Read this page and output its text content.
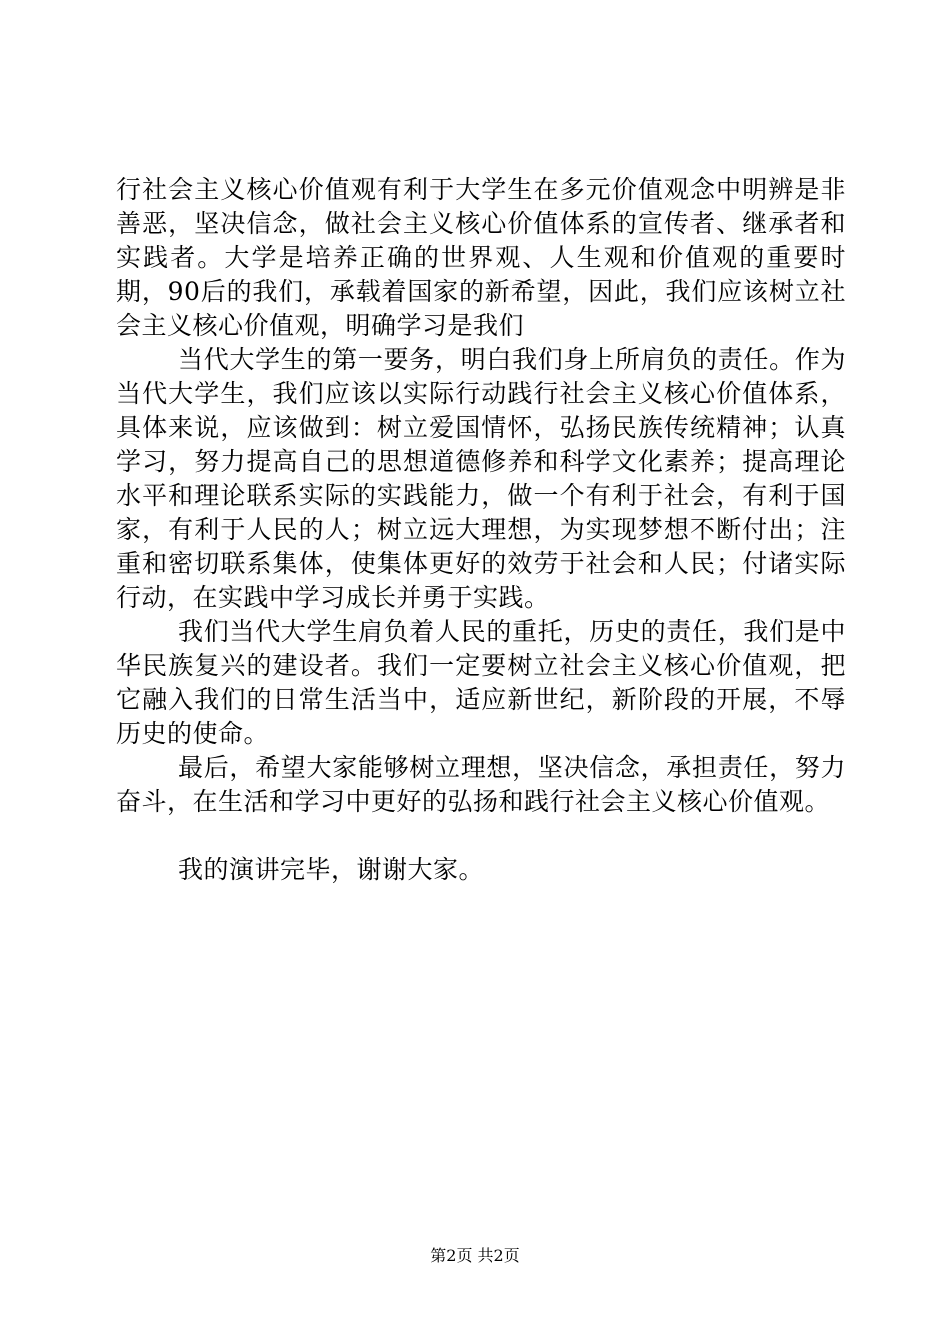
行社会主义核心价值观有利于大学生在多元价值观念中明辨是非善恶，坚决信念，做社会主义核心价值体系的宣传者、继承者和实践者。大学是培养正确的世界观、人生观和价值观的重要时期，90后的我们，承载着国家的新希望，因此，我们应该树立社会主义核心价值观，明确学习是我们

当代大学生的第一要务，明白我们身上所肩负的责任。作为当代大学生，我们应该以实际行动践行社会主义核心价值体系，具体来说，应该做到：树立爱国情怀，弘扬民族传统精神；认真学习，努力提高自己的思想道德修养和科学文化素养；提高理论水平和理论联系实际的实践能力，做一个有利于社会，有利于国家，有利于人民的人；树立远大理想，为实现梦想不断付出；注重和密切联系集体，使集体更好的效劳于社会和人民；付诸实际行动，在实践中学习成长并勇于实践。

我们当代大学生肩负着人民的重托，历史的责任，我们是中华民族复兴的建设者。我们一定要树立社会主义核心价值观，把它融入我们的日常生活当中，适应新世纪，新阶段的开展，不辱历史的使命。

最后，希望大家能够树立理想，坚决信念，承担责任，努力奋斗，在生活和学习中更好的弘扬和践行社会主义核心价值观。

我的演讲完毕，谢谢大家。

第2页 共2页
